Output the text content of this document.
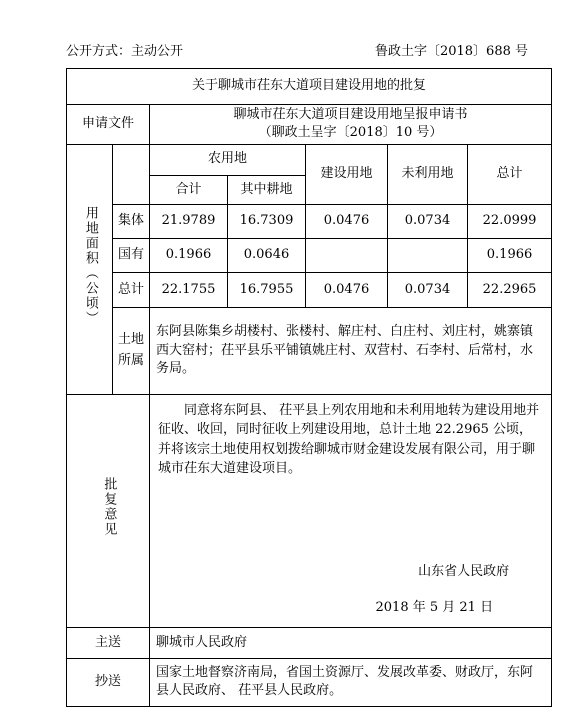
公开方式：主动公开	鲁政土字〔2018〕688 号
关于聊城市茌东大道项目建设用地的批复						
申请文件		聊城市茌东大道项目建设用地呈报申请书
（聊政土呈字〔2018〕10 号）				

用地面积（公顷）		农用地		建设用地	未利用地	总计
		合计	其中耕地			
	集体	21.9789	16.7309	0.0476	0.0734	22.0999
	国有	0.1966	0.0646			0.1966
	总计	22.1755	16.7955	0.0476	0.0734	22.2965
	土地所属	东阿县陈集乡胡楼村、张楼村、解庄村、白庄村、刘庄村，姚寨镇西大窑村；茌平县乐平铺镇姚庄村、双营村、石李村、后常村，水务局。				
批复意见		同意将东阿县、 茌平县上列农用地和未利用地转为建设用地并征收、收回，同时征收上列建设用地，总计土地 22.2965 公顷，并将该宗土地使用权划拨给聊城市财金建设发展有限公司，用于聊城市茌东大道建设项目。
山东省人民政府
2018 年 5 月 21 日				

主送		聊城市人民政府				
抄送		国家土地督察济南局，省国土资源厅、发展改革委、财政厅，东阿县人民政府、 茌平县人民政府。				
